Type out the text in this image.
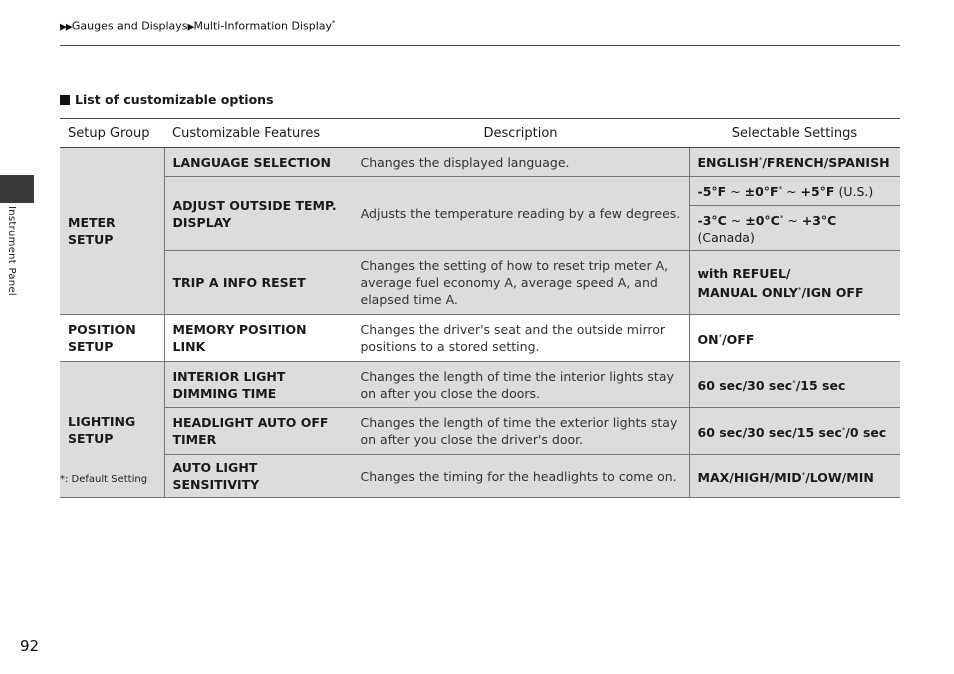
▶▶Gauges and Displays▶Multi-Information Display*
Instrument Panel
List of customizable options
Setup Group	Customizable Features	Description	Selectable Settings
METER SETUP	LANGUAGE SELECTION	Changes the displayed language.	ENGLISH*/FRENCH/SPANISH
	ADJUST OUTSIDE TEMP. DISPLAY	Adjusts the temperature reading by a few degrees.	-5°F ~ ±0°F* ~ +5°F (U.S.)
			-3°C ~ ±0°C* ~ +3°C (Canada)
	TRIP A INFO RESET	Changes the setting of how to reset trip meter A, average fuel economy A, average speed A, and elapsed time A.	with REFUEL/
MANUAL ONLY*/IGN OFF
POSITION SETUP	MEMORY POSITION LINK	Changes the driver's seat and the outside mirror positions to a stored setting.	ON*/OFF
LIGHTING SETUP	INTERIOR LIGHT DIMMING TIME	Changes the length of time the interior lights stay on after you close the doors.	60 sec/30 sec*/15 sec
	HEADLIGHT AUTO OFF TIMER	Changes the length of time the exterior lights stay on after you close the driver's door.	60 sec/30 sec/15 sec*/0 sec
	AUTO LIGHT SENSITIVITY	Changes the timing for the headlights to come on.	MAX/HIGH/MID*/LOW/MIN
*: Default Setting
92
